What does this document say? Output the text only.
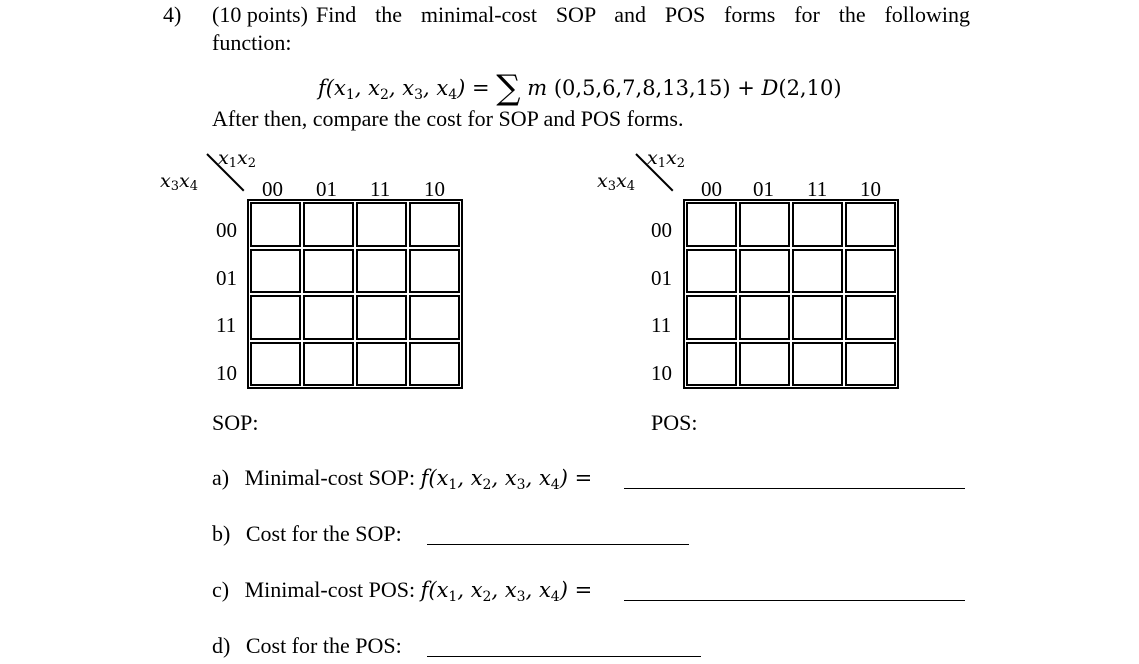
4) (10 points) Find the minimal-cost SOP and POS forms for the following
function:
$f(x_1$, $x_2$, $x_3$, $x_4$) = ∑ m (0,5,6,7,8,13,15) + D(2,10)
After then, compare the cost for SOP and POS forms.
x1x2
x3x4	00 01 11 10
00
01
11
10
SOP:
x1x2
x3x4	00 01 11 10
00
01
11
10
POS:
a) Minimal-cost SOP: $f(x_1$, $x_2$, $x_3$, $x_4$) =
b) Cost for the SOP:
c) Minimal-cost POS: $f(x_1$, $x_2$, $x_3$, $x_4$) =
d) Cost for the POS:
